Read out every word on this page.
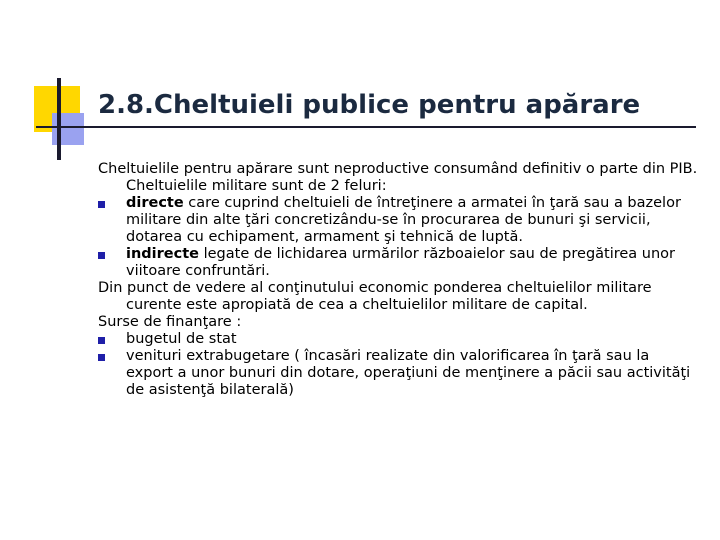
2.8.Cheltuieli publice pentru apărare
Cheltuielile pentru apărare sunt neproductive consumând definitiv o parte din PIB.
Cheltuielile militare sunt de 2 feluri:
directe care cuprind cheltuieli de întreţinere a armatei în ţară sau a bazelor militare din alte ţări concretizându-se în procurarea de bunuri şi servicii, dotarea cu echipament, armament şi tehnică de luptă.
indirecte legate de lichidarea urmărilor războaielor sau de pregătirea unor viitoare confruntări.
Din punct de vedere al conţinutului economic ponderea cheltuielilor militare curente este apropiată de cea a cheltuielilor militare de capital.
Surse de finanţare :
bugetul de stat
venituri extrabugetare ( încasări realizate din valorificarea în ţară sau la export a unor bunuri din dotare, operaţiuni de menţinere a păcii sau activităţi de asistenţă bilaterală)
